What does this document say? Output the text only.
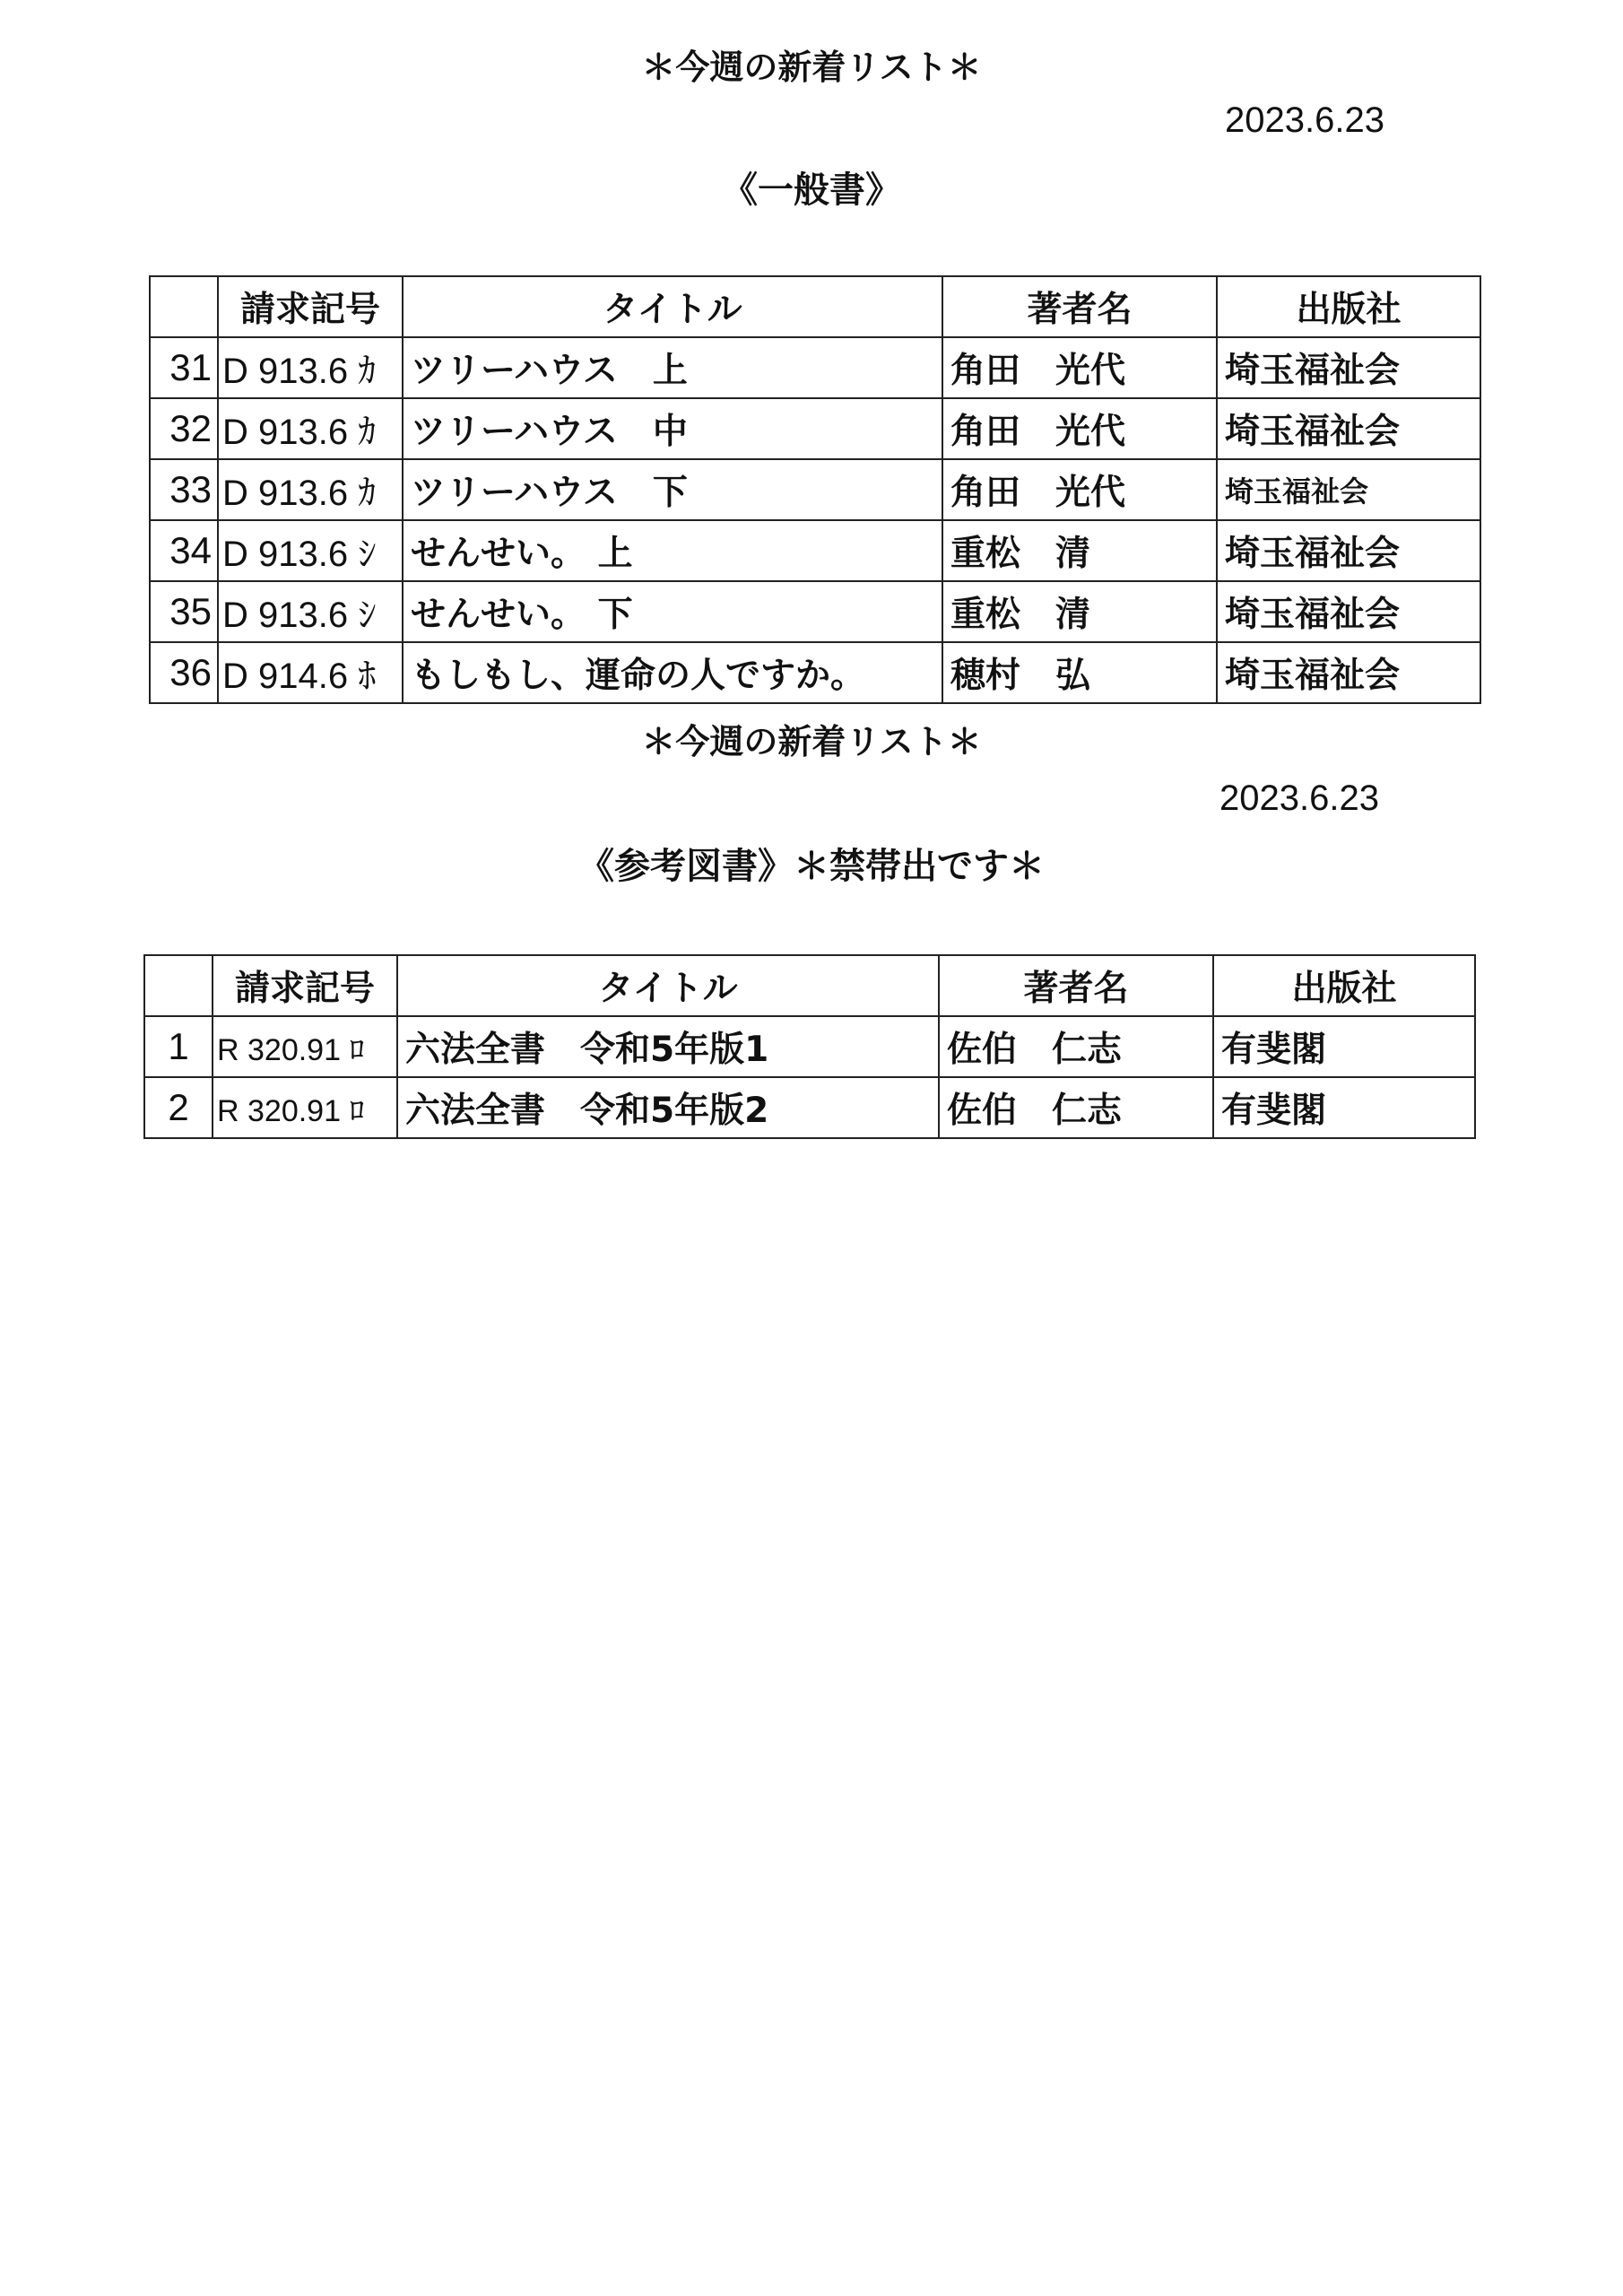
＊今週の新着リスト＊
2023.6.23
《一般書》
	請求記号	タイトル	著者名	出版社
31	D 913.6 ｶ	ツリーハウス　上	角田　光代	埼玉福祉会
32	D 913.6 ｶ	ツリーハウス　中	角田　光代	埼玉福祉会
33	D 913.6 ｶ	ツリーハウス　下	角田　光代	埼玉福祉会
34	D 913.6 ｼ	せんせい。 上	重松　清	埼玉福祉会
35	D 913.6 ｼ	せんせい。 下	重松　清	埼玉福祉会
36	D 914.6 ﾎ	もしもし、運命の人ですか。	穂村　弘	埼玉福祉会
＊今週の新着リスト＊
2023.6.23
《参考図書》＊禁帯出です＊
	請求記号	タイトル	著者名	出版社
1	R 320.91 ﾛ	六法全書　令和5年版1	佐伯　仁志	有斐閣
2	R 320.91 ﾛ	六法全書　令和5年版2	佐伯　仁志	有斐閣
